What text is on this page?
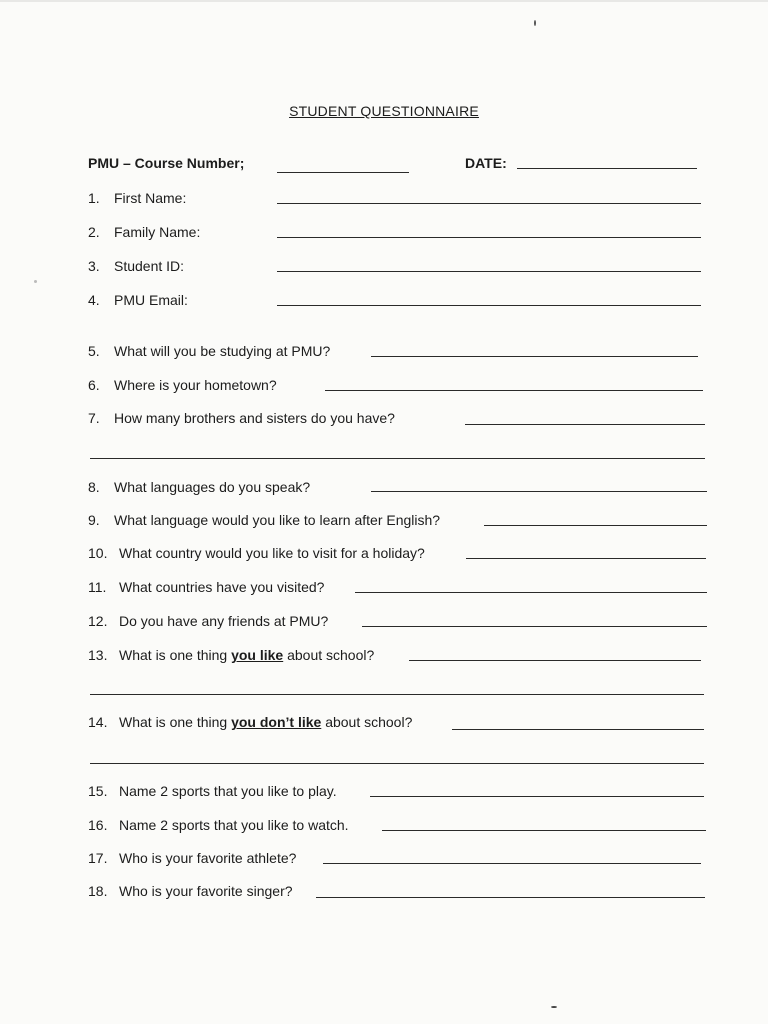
STUDENT QUESTIONNAIRE
PMU – Course Number;	DATE:
1. First Name:
2. Family Name:
3. Student ID:
4. PMU Email:
5. What will you be studying at PMU?
6. Where is your hometown?
7. How many brothers and sisters do you have?
8. What languages do you speak?
9. What language would you like to learn after English?
10. What country would you like to visit for a holiday?
11. What countries have you visited?
12. Do you have any friends at PMU?
13. What is one thing you like about school?
14. What is one thing you don’t like about school?
15. Name 2 sports that you like to play.
16. Name 2 sports that you like to watch.
17. Who is your favorite athlete?
18. Who is your favorite singer?
